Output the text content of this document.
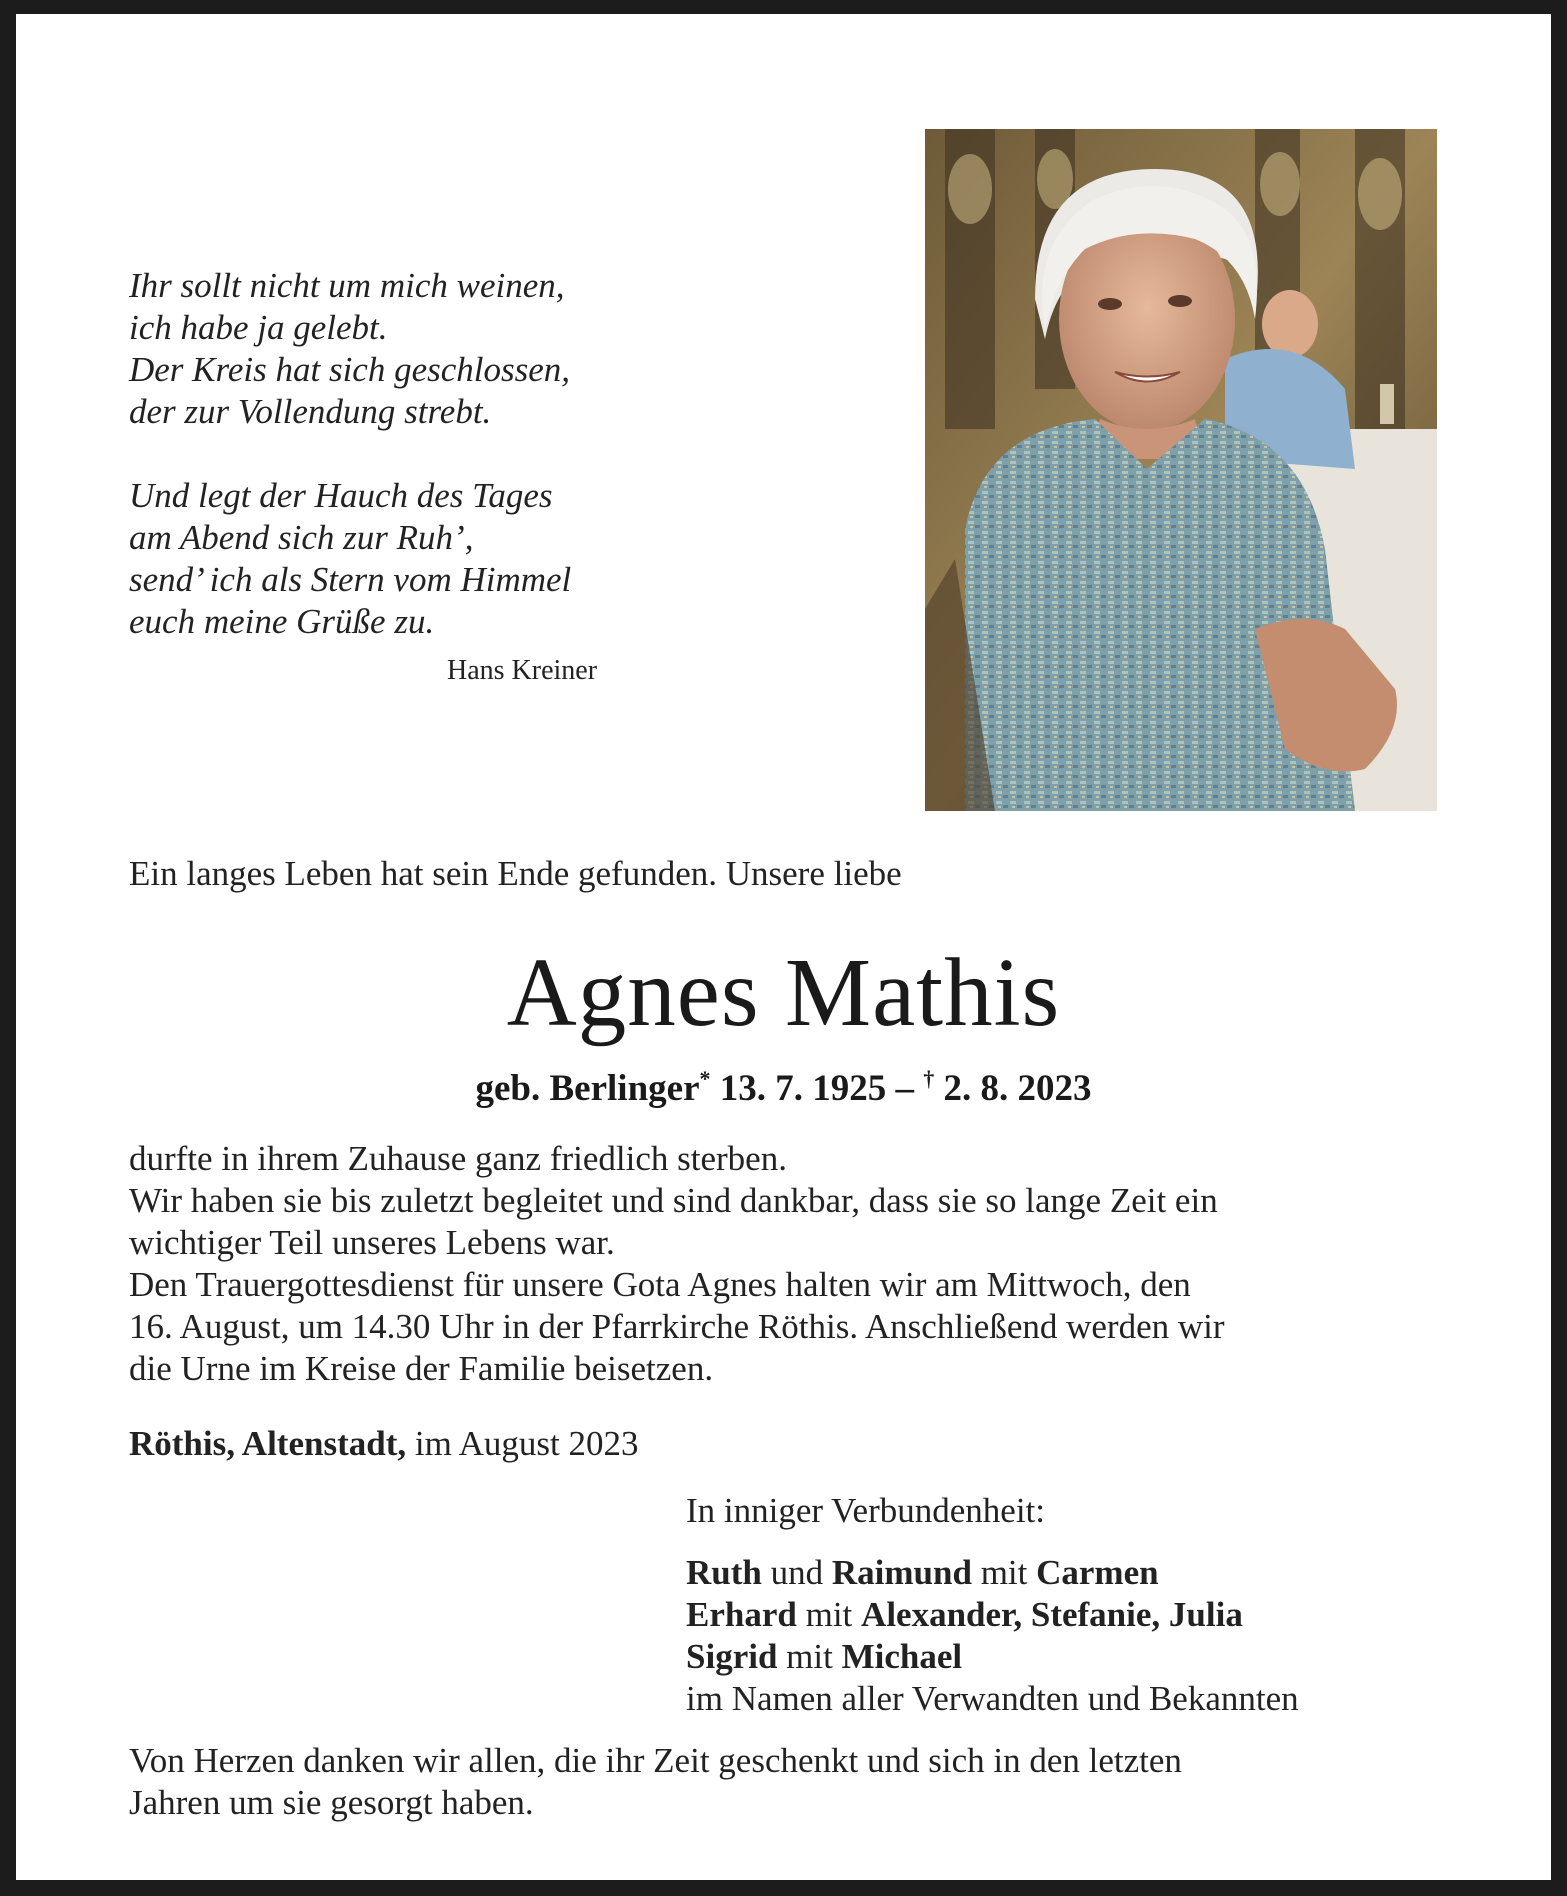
Ihr sollt nicht um mich weinen,
ich habe ja gelebt.
Der Kreis hat sich geschlossen,
der zur Vollendung strebt.

Und legt der Hauch des Tages
am Abend sich zur Ruh’,
send’ ich als Stern vom Himmel
euch meine Grüße zu.

Hans Kreiner
Ein langes Leben hat sein Ende gefunden. Unsere liebe
Agnes Mathis
geb. Berlinger* 13. 7. 1925 – † 2. 8. 2023
durfte in ihrem Zuhause ganz friedlich sterben.
Wir haben sie bis zuletzt begleitet und sind dankbar, dass sie so lange Zeit ein
wichtiger Teil unseres Lebens war.
Den Trauergottesdienst für unsere Gota Agnes halten wir am Mittwoch, den
16. August, um 14.30 Uhr in der Pfarrkirche Röthis. Anschließend werden wir
die Urne im Kreise der Familie beisetzen.
Röthis, Altenstadt, im August 2023
In inniger Verbundenheit:
Ruth und Raimund mit Carmen
Erhard mit Alexander, Stefanie, Julia
Sigrid mit Michael
im Namen aller Verwandten und Bekannten
Von Herzen danken wir allen, die ihr Zeit geschenkt und sich in den letzten
Jahren um sie gesorgt haben.
